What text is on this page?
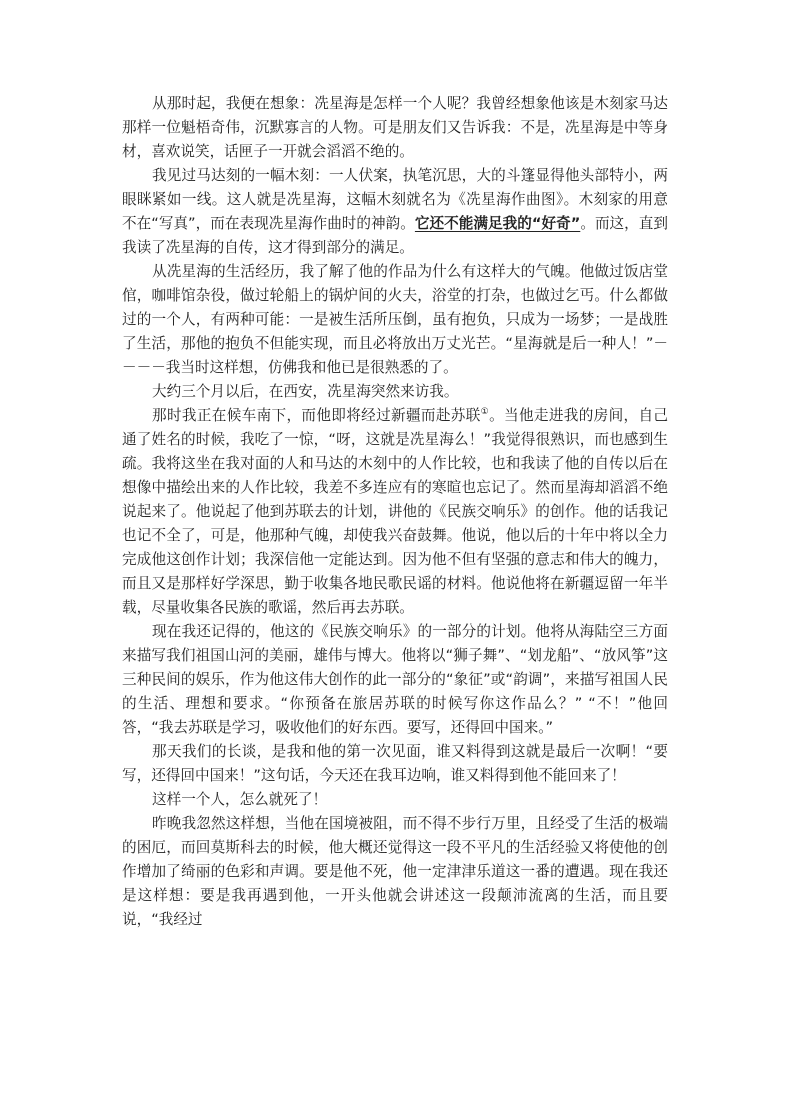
从那时起，我便在想象：冼星海是怎样一个人呢？我曾经想象他该是木刻家马达那样一位魁梧奇伟，沉默寡言的人物。可是朋友们又告诉我：不是，冼星海是中等身材，喜欢说笑，话匣子一开就会滔滔不绝的。

我见过马达刻的一幅木刻：一人伏案，执笔沉思，大的斗篷显得他头部特小，两眼眯紧如一线。这人就是冼星海，这幅木刻就名为《冼星海作曲图》。木刻家的用意不在“写真”，而在表现冼星海作曲时的神韵。它还不能满足我的“好奇”。而这，直到我读了冼星海的自传，这才得到部分的满足。

从冼星海的生活经历，我了解了他的作品为什么有这样大的气魄。他做过饭店堂倌，咖啡馆杂役，做过轮船上的锅炉间的火夫，浴堂的打杂，也做过乞丐。什么都做过的一个人，有两种可能：一是被生活所压倒，虽有抱负，只成为一场梦；一是战胜了生活，那他的抱负不但能实现，而且必将放出万丈光芒。“星海就是后一种人！”－－－－我当时这样想，仿佛我和他已是很熟悉的了。

大约三个月以后，在西安，冼星海突然来访我。

那时我正在候车南下，而他即将经过新疆而赴苏联①。当他走进我的房间，自己通了姓名的时候，我吃了一惊，“呀，这就是冼星海么！”我觉得很熟识，而也感到生疏。我将这坐在我对面的人和马达的木刻中的人作比较，也和我读了他的自传以后在想像中描绘出来的人作比较，我差不多连应有的寒暄也忘记了。然而星海却滔滔不绝说起来了。他说起了他到苏联去的计划，讲他的《民族交响乐》的创作。他的话我记也记不全了，可是，他那种气魄，却使我兴奋鼓舞。他说，他以后的十年中将以全力完成他这创作计划；我深信他一定能达到。因为他不但有坚强的意志和伟大的魄力，而且又是那样好学深思，勤于收集各地民歌民谣的材料。他说他将在新疆逗留一年半载，尽量收集各民族的歌谣，然后再去苏联。

现在我还记得的，他这的《民族交响乐》的一部分的计划。他将从海陆空三方面来描写我们祖国山河的美丽，雄伟与博大。他将以“狮子舞”、“划龙船”、“放风筝”这三种民间的娱乐，作为他这伟大创作的此一部分的“象征”或“韵调”，来描写祖国人民的生活、理想和要求。“你预备在旅居苏联的时候写你这作品么？” “不！”他回答，“我去苏联是学习，吸收他们的好东西。要写，还得回中国来。”

那天我们的长谈，是我和他的第一次见面，谁又料得到这就是最后一次啊！“要写，还得回中国来！”这句话，今天还在我耳边响，谁又料得到他不能回来了！

这样一个人，怎么就死了！

昨晚我忽然这样想，当他在国境被阻，而不得不步行万里，且经受了生活的极端的困厄，而回莫斯科去的时候，他大概还觉得这一段不平凡的生活经验又将使他的创作增加了绮丽的色彩和声调。要是他不死，他一定津津乐道这一番的遭遇。现在我还是这样想：要是我再遇到他，一开头他就会讲述这一段颠沛流离的生活，而且要说，“我经过
